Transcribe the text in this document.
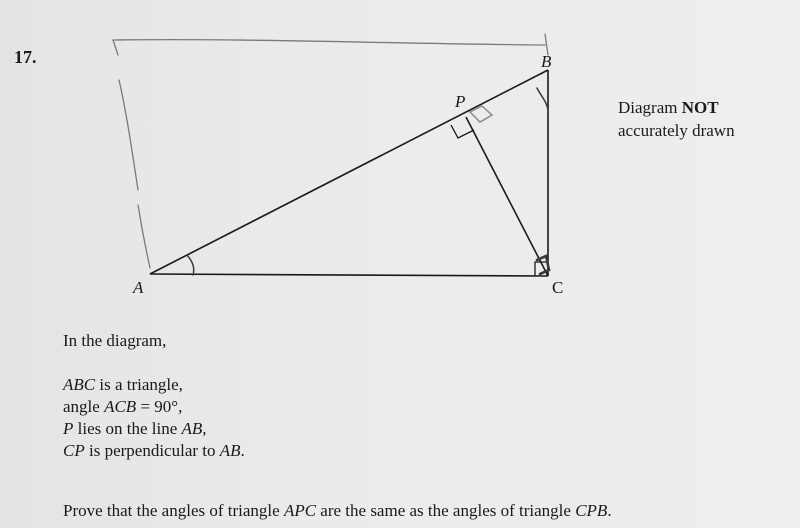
17.	B
P
A	C
Diagram NOT
accurately drawn
In the diagram,
ABC is a triangle,
angle ACB = 90°,
P lies on the line AB,
CP is perpendicular to AB.
Prove that the angles of triangle APC are the same as the angles of triangle CPB.
